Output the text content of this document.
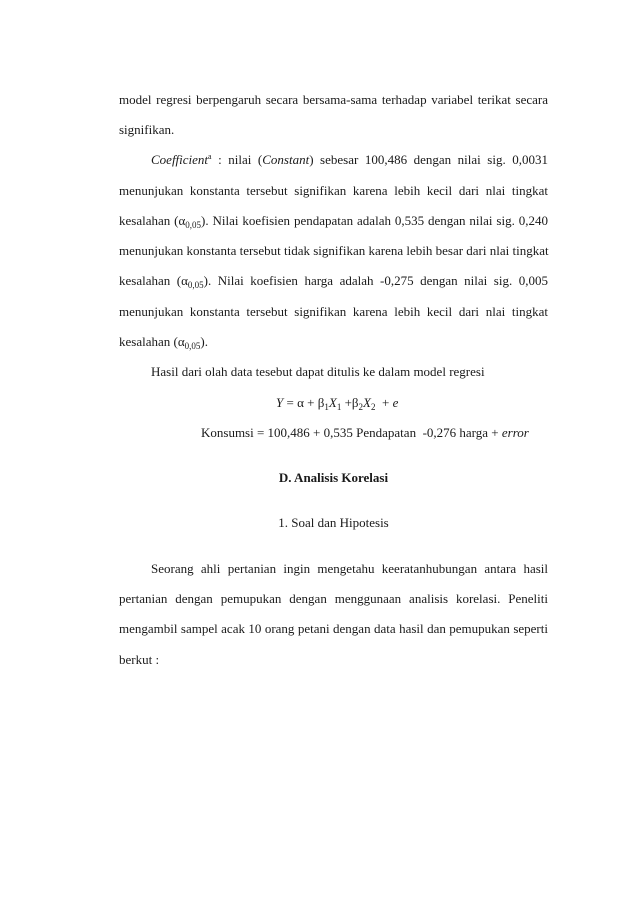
model regresi berpengaruh secara bersama-sama terhadap variabel terikat secara
signifikan.
Coefficient$^a$ : nilai (Constant) sebesar 100,486 dengan nilai sig. 0,0031
menunjukan konstanta tersebut signifikan karena lebih kecil dari nlai tingkat
kesalahan $(\alpha_{0,05})$. Nilai koefisien pendapatan adalah 0,535 dengan nilai sig. 0,240
menunjukan konstanta tersebut tidak signifikan karena lebih besar dari nlai tingkat
kesalahan $(\alpha_{0,05})$. Nilai koefisien harga adalah -0,275 dengan nilai sig. 0,005
menunjukan konstanta tersebut signifikan karena lebih kecil dari nlai tingkat
kesalahan $(\alpha_{0,05})$.
Hasil dari olah data tesebut dapat ditulis ke dalam model regresi
$Y = \alpha + \beta_1X_1 +\beta_2X_2 + e$
Konsumsi = 100,486 + 0,535 Pendapatan  -0,276 harga + error
D. Analisis Korelasi
1. Soal dan Hipotesis
Seorang ahli pertanian ingin mengetahu keeratanhubungan antara hasil
pertanian dengan pemupukan dengan menggunaan analisis korelasi. Peneliti
mengambil sampel acak 10 orang petani dengan data hasil dan pemupukan seperti
berkut :
